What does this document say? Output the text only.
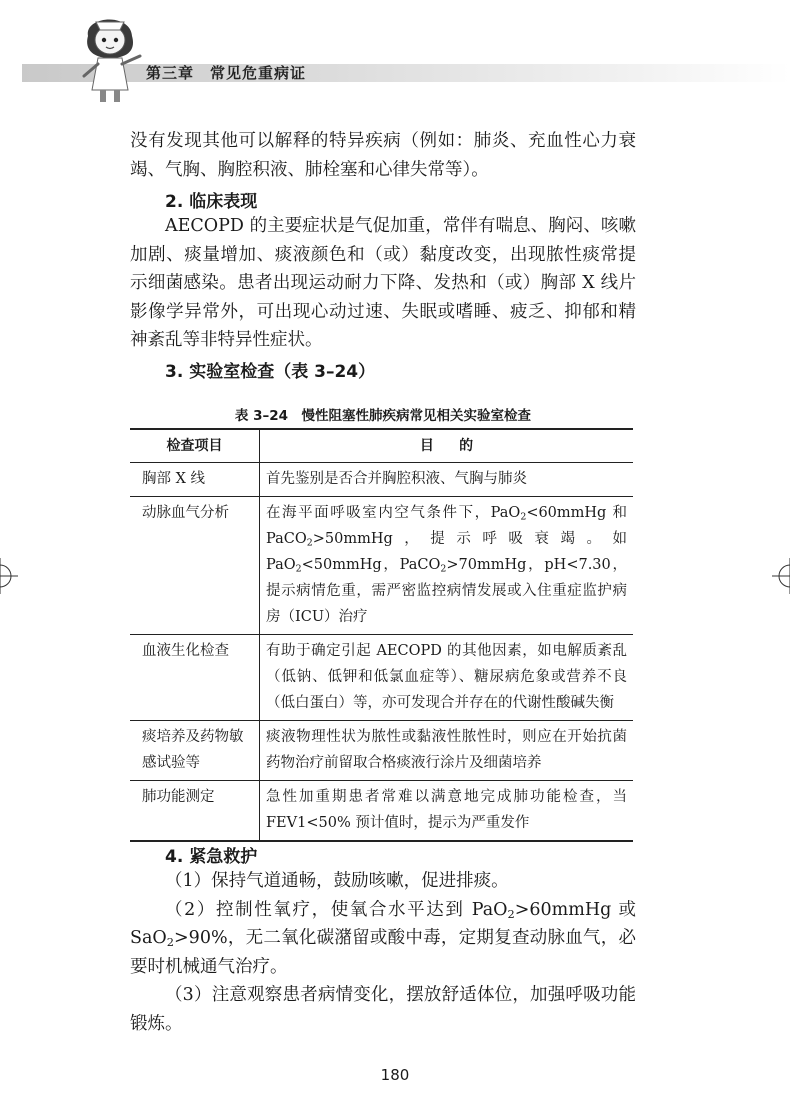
第三章　常见危重病证
没有发现其他可以解释的特异疾病（例如：肺炎、充血性心力衰竭、气胸、胸腔积液、肺栓塞和心律失常等）。
2. 临床表现
AECOPD 的主要症状是气促加重，常伴有喘息、胸闷、咳嗽加剧、痰量增加、痰液颜色和（或）黏度改变，出现脓性痰常提示细菌感染。患者出现运动耐力下降、发热和（或）胸部 X 线片影像学异常外，可出现心动过速、失眠或嗜睡、疲乏、抑郁和精神紊乱等非特异性症状。
3. 实验室检查（表 3–24）
表 3–24　慢性阻塞性肺疾病常见相关实验室检查
检查项目	目的
胸部 X 线	首先鉴别是否合并胸腔积液、气胸与肺炎
动脉血气分析	在海平面呼吸室内空气条件下，PaO$_2$<60mmHg 和 PaCO$_2$>50mmHg，提示呼吸衰竭。如 PaO$_2$<50mmHg，PaCO$_2$>70mmHg，pH<7.30，提示病情危重，需严密监控病情发展或入住重症监护病房（ICU）治疗
血液生化检查	有助于确定引起 AECOPD 的其他因素，如电解质紊乱（低钠、低钾和低氯血症等）、糖尿病危象或营养不良（低白蛋白）等，亦可发现合并存在的代谢性酸碱失衡
痰培养及药物敏感试验等	痰液物理性状为脓性或黏液性脓性时，则应在开始抗菌药物治疗前留取合格痰液行涂片及细菌培养
肺功能测定	急性加重期患者常难以满意地完成肺功能检查，当 FEV1<50% 预计值时，提示为严重发作
4. 紧急救护
（1）保持气道通畅，鼓励咳嗽，促进排痰。
（2）控制性氧疗，使氧合水平达到 PaO$_2$>60mmHg 或 SaO$_2$>90%，无二氧化碳潴留或酸中毒，定期复查动脉血气，必要时机械通气治疗。
（3）注意观察患者病情变化，摆放舒适体位，加强呼吸功能锻炼。
180
